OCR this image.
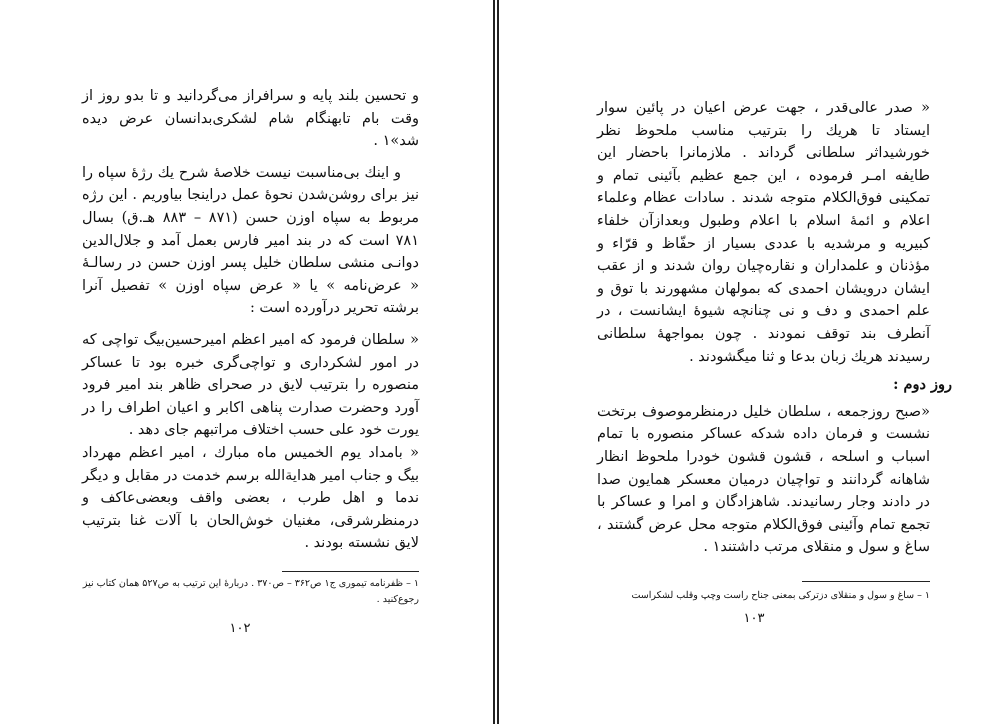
و تحسین بلند پایه و سرافراز می‌گردانید و تا بدو روز از وقت بام تابهنگام شام لشکری‌بدانسان عرض دیده شد»۱ .

و اینك بی‌مناسبت نیست خلاصهٔ شرح یك رژهٔ سپاه را نیز برای روشن‌شدن نحوهٔ عمل دراینجا بیاوریم . این رژه مربوط به سپاه اوزن حسن (۸۷۱ – ۸۸۳ هـ.ق) بسال ۷۸۱ است که در بند امیر فارس بعمل آمد و جلال‌الدین دوانـی منشی سلطان خلیل پسر اوزن حسن در رسالـهٔ « عرض‌نامه » یا « عرض سپاه اوزن » تفصیل آنرا برشته تحریر درآورده است :

« سلطان فرمود که امیر اعظم امیرحسین‌بیگ تواچی که در امور لشکرداری و تواچی‌گری خبره بود تا عساکر منصوره را بترتیب لایق در صحرای ظاهر بند امیر فرود آورد وحضرت صدارت پناهی اکابر و اعیان اطراف را در یورت خود علی حسب اختلاف مراتبهم جای دهد .

« بامداد یوم الخمیس ماه مبارك ، امیر اعظم مهرداد بیگ و جناب امیر هدایةالله برسم خدمت در مقابل و دیگر ندما و اهل طرب ، بعضی واقف وبعضی‌عاکف و درمنظرشرقی، مغنیان خوش‌الحان با آلات غنا بترتیب لایق نشسته بودند .

۱ – ظفرنامه تیموری ج۱ ص۳۶۲ – ص۳۷۰ . دربارهٔ این ترتیب به ص۵۲۷ همان کتاب نیز رجوع‌کنید .
۱۰۲

« صدر عالی‌قدر ، جهت عرض اعیان در پائین سوار ایستاد تا هریك را بترتیب مناسب ملحوظ نظر خورشیداثر سلطانی گرداند . ملازمانرا باحضار این طایفه امـر فرموده ، این جمع عظیم بآئینی تمام و تمکینی فوق‌الکلام متوجه شدند . سادات عظام وعلماء اعلام و ائمهٔ اسلام با اعلام وطبول وبعدازآن خلفاء کبیریه و مرشدیه با عددی بسیار از حفّاظ و قرّاء و مؤذنان و علمداران و نقاره‌چیان روان شدند و از عقب ایشان درویشان احمدی که بمولهان مشهورند با توق و علم احمدی و دف و نی چنانچه شیوهٔ ایشانست ، در آنطرف بند توقف نمودند . چون بمواجههٔ سلطانی رسیدند هریك زبان بدعا و ثنا میگشودند .

روز دوم :

«صبح روزجمعه ، سلطان خلیل درمنظرموصوف برتخت نشست و فرمان داده شدکه عساکر منصوره با تمام اسباب و اسلحه ، قشون قشون خودرا ملحوظ انظار شاهانه گردانند و تواچیان درمیان معسکر همایون صدا در دادند وجار رسانیدند. شاهزادگان و امرا و عساکر با تجمع تمام وآئینی فوق‌الکلام متوجه محل عرض گشتند ، ساغ و سول و منقلای مرتب داشتند۱ .

۱ – ساغ و سول و منقلای دزترکی بمعنی جناح راست وچپ وقلب لشکراست
۱۰۳
